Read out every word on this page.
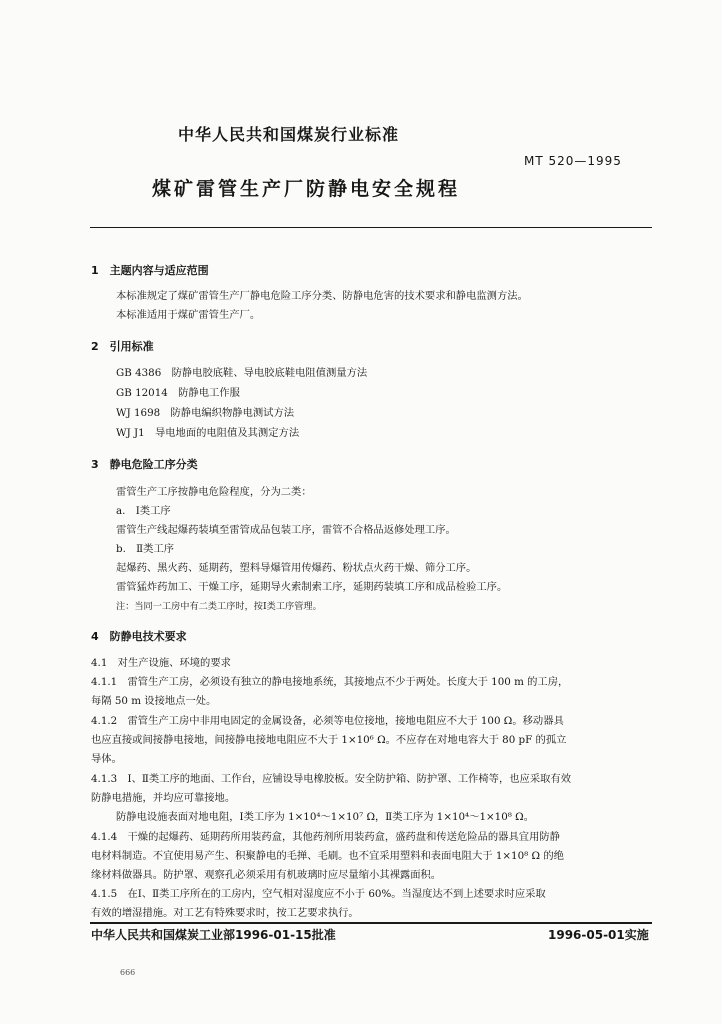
中华人民共和国煤炭行业标准
MT 520—1995
煤矿雷管生产厂防静电安全规程
1　主题内容与适应范围
本标准规定了煤矿雷管生产厂静电危险工序分类、防静电危害的技术要求和静电监测方法。
本标准适用于煤矿雷管生产厂。
2　引用标准
GB 4386　防静电胶底鞋、导电胶底鞋电阻值测量方法
GB 12014　防静电工作服
WJ 1698　防静电编织物静电测试方法
WJ J1　导电地面的电阻值及其测定方法
3　静电危险工序分类
雷管生产工序按静电危险程度，分为二类：
a.　Ⅰ类工序
雷管生产线起爆药装填至雷管成品包装工序，雷管不合格品返修处理工序。
b.　Ⅱ类工序
起爆药、黑火药、延期药，塑料导爆管用传爆药、粉状点火药干燥、筛分工序。
雷管猛炸药加工、干燥工序，延期导火索制索工序，延期药装填工序和成品检验工序。
注：当同一工房中有二类工序时，按Ⅰ类工序管理。
4　防静电技术要求
4.1　对生产设施、环境的要求
4.1.1　雷管生产工房，必须设有独立的静电接地系统，其接地点不少于两处。长度大于 100 m 的工房，
每隔 50 m 设接地点一处。
4.1.2　雷管生产工房中非用电固定的金属设备，必须等电位接地，接地电阻应不大于 100 Ω。移动器具
也应直接或间接静电接地，间接静电接地电阻应不大于 1×10⁶ Ω。不应存在对地电容大于 80 pF 的孤立
导体。
4.1.3　Ⅰ、Ⅱ类工序的地面、工作台，应铺设导电橡胶板。安全防护箱、防护罩、工作椅等，也应采取有效
防静电措施，并均应可靠接地。
防静电设施表面对地电阻，Ⅰ类工序为 1×10⁴～1×10⁷ Ω，Ⅱ类工序为 1×10⁴～1×10⁸ Ω。
4.1.4　干燥的起爆药、延期药所用装药盒，其他药剂所用装药盒，盛药盘和传送危险品的器具宜用防静
电材料制造。不宜使用易产生、积聚静电的毛掸、毛刷。也不宜采用塑料和表面电阻大于 1×10⁸ Ω 的绝
缘材料做器具。防护罩、观察孔必须采用有机玻璃时应尽量缩小其裸露面积。
4.1.5　在Ⅰ、Ⅱ类工序所在的工房内，空气相对湿度应不小于 60%。当湿度达不到上述要求时应采取
有效的增湿措施。对工艺有特殊要求时，按工艺要求执行。
中华人民共和国煤炭工业部1996-01-15批准	1996-05-01实施
666
